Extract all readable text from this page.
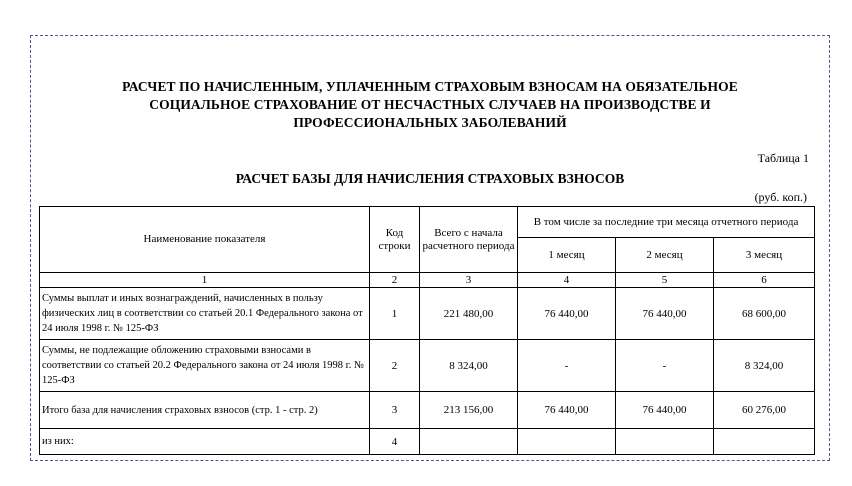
РАСЧЕТ ПО НАЧИСЛЕННЫМ, УПЛАЧЕННЫМ СТРАХОВЫМ ВЗНОСАМ НА ОБЯЗАТЕЛЬНОЕ
СОЦИАЛЬНОЕ СТРАХОВАНИЕ ОТ НЕСЧАСТНЫХ СЛУЧАЕВ НА ПРОИЗВОДСТВЕ И
ПРОФЕССИОНАЛЬНЫХ ЗАБОЛЕВАНИЙ
Таблица 1
РАСЧЕТ БАЗЫ ДЛЯ НАЧИСЛЕНИЯ СТРАХОВЫХ ВЗНОСОВ
(руб. коп.)
Наименование показателя	Код строки	Всего с начала расчетного периода	В том числе за последние три месяца отчетного периода		
			1 месяц	2 месяц	3 месяц
1	2	3	4	5	6
Суммы выплат и иных вознаграждений, начисленных в пользу физических лиц в соответствии со статьей 20.1 Федерального закона от 24 июля 1998 г. № 125-ФЗ	1	221 480,00	76 440,00	76 440,00	68 600,00
Суммы, не подлежащие обложению страховыми взносами в соответствии со статьей 20.2 Федерального закона от 24 июля 1998 г. № 125-ФЗ	2	8 324,00	-	-	8 324,00
Итого база для начисления страховых взносов (стр. 1 - стр. 2)	3	213 156,00	76 440,00	76 440,00	60 276,00
из них:	4				
